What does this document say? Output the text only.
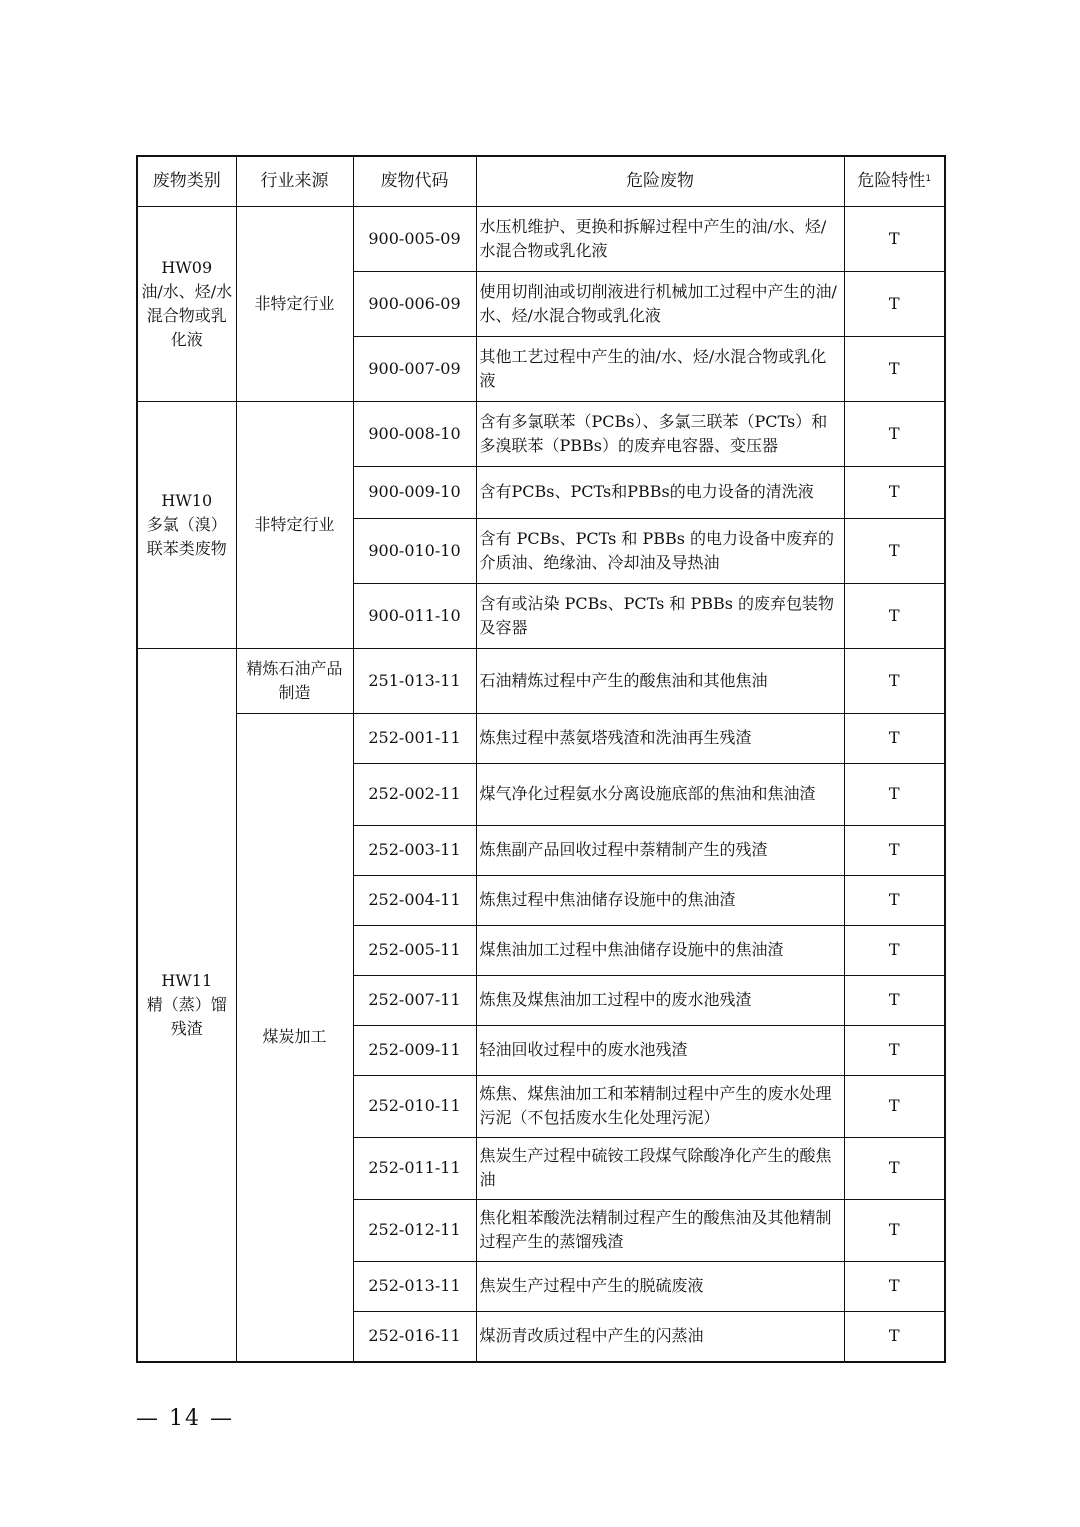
废物类别	行业来源	废物代码	危险废物	危险特性$^1$

HW09
油/水、烃/水混合物或乳化液	非特定行业	900-005-09	水压机维护、更换和拆解过程中产生的油/水、烃/水混合物或乳化液	T
		900-006-09	使用切削油或切削液进行机械加工过程中产生的油/水、烃/水混合物或乳化液	T
		900-007-09	其他工艺过程中产生的油/水、烃/水混合物或乳化液	T

HW10
多氯（溴）联苯类废物	非特定行业	900-008-10	含有多氯联苯（PCBs）、多氯三联苯（PCTs）和多溴联苯（PBBs）的废弃电容器、变压器	T
		900-009-10	含有PCBs、PCTs和PBBs的电力设备的清洗液	T
		900-010-10	含有 PCBs、PCTs 和 PBBs 的电力设备中废弃的介质油、绝缘油、冷却油及导热油	T
		900-011-10	含有或沾染 PCBs、PCTs 和 PBBs 的废弃包装物及容器	T

HW11
精（蒸）馏残渣	精炼石油产品制造	251-013-11	石油精炼过程中产生的酸焦油和其他焦油	T
	煤炭加工	252-001-11	炼焦过程中蒸氨塔残渣和洗油再生残渣	T
		252-002-11	煤气净化过程氨水分离设施底部的焦油和焦油渣	T
		252-003-11	炼焦副产品回收过程中萘精制产生的残渣	T
		252-004-11	炼焦过程中焦油储存设施中的焦油渣	T
		252-005-11	煤焦油加工过程中焦油储存设施中的焦油渣	T
		252-007-11	炼焦及煤焦油加工过程中的废水池残渣	T
		252-009-11	轻油回收过程中的废水池残渣	T
		252-010-11	炼焦、煤焦油加工和苯精制过程中产生的废水处理污泥（不包括废水生化处理污泥）	T
		252-011-11	焦炭生产过程中硫铵工段煤气除酸净化产生的酸焦油	T
		252-012-11	焦化粗苯酸洗法精制过程产生的酸焦油及其他精制过程产生的蒸馏残渣	T
		252-013-11	焦炭生产过程中产生的脱硫废液	T
		252-016-11	煤沥青改质过程中产生的闪蒸油	T
— 14 —
